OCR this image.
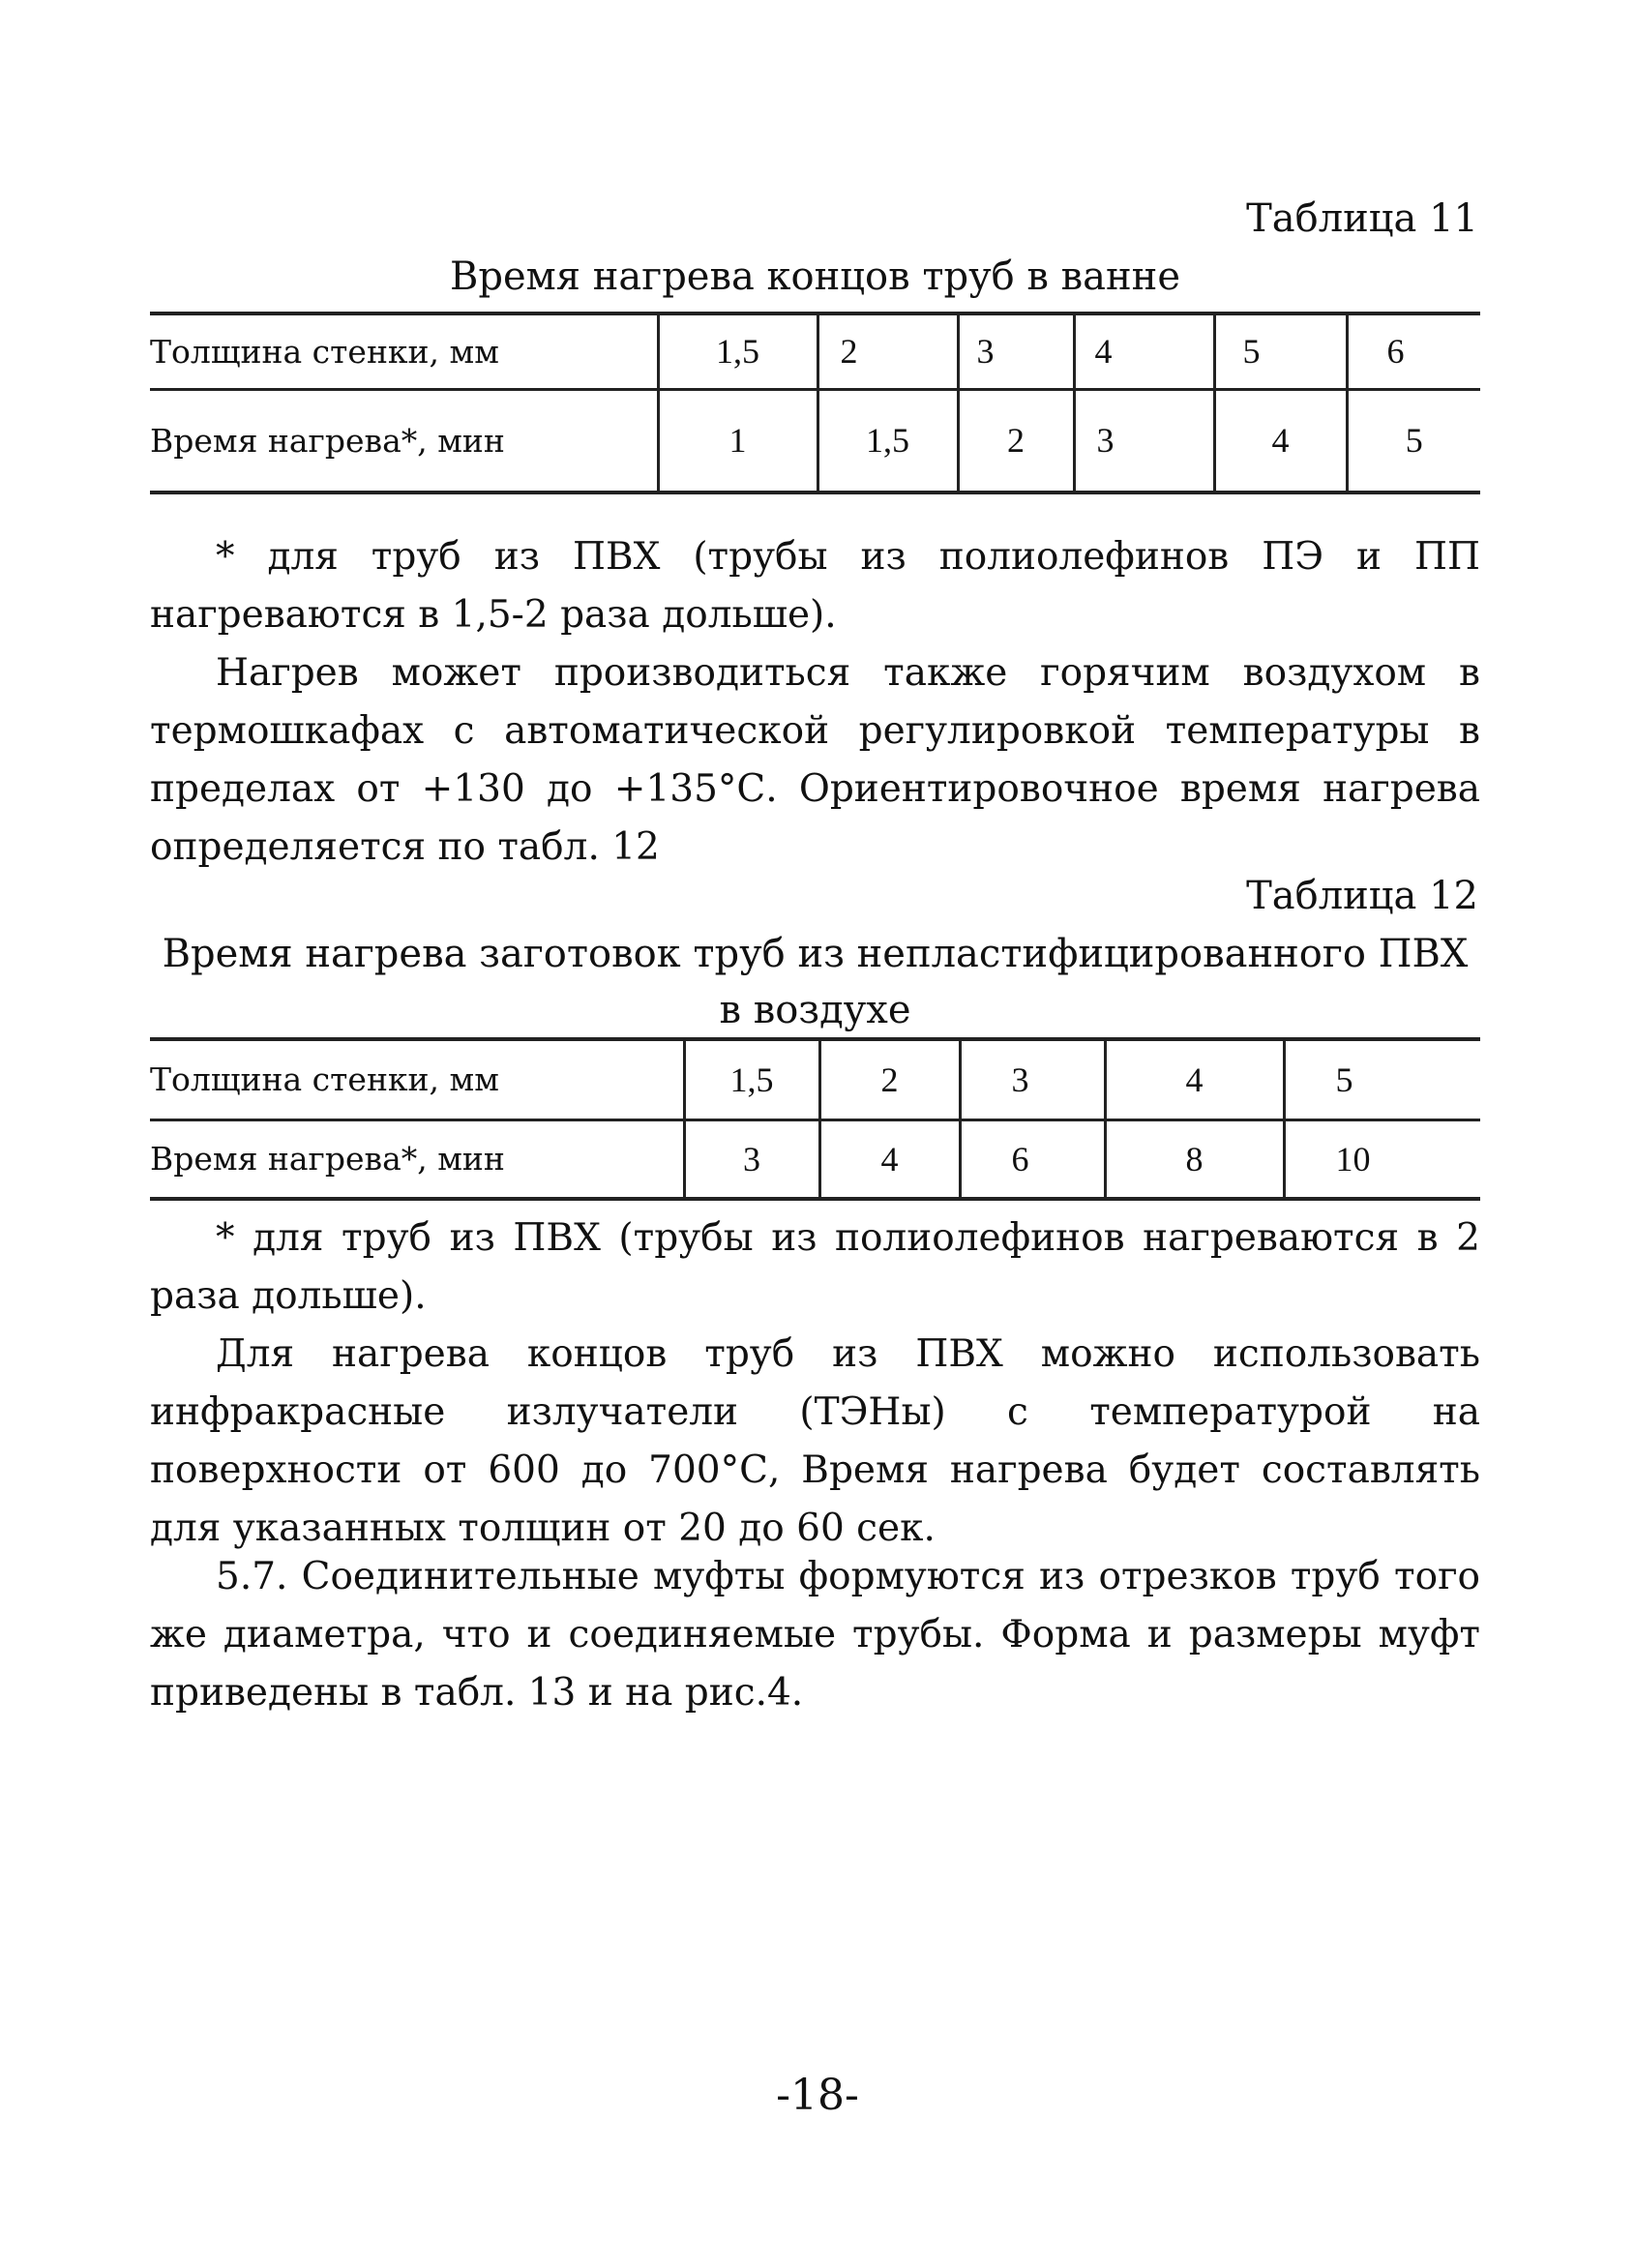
Таблица 11
Время нагрева концов труб в ванне
Толщина стенки, мм	1,5	2	3	4	5	6
Время нагрева*, мин	1	1,5	2	3	4	5

* для труб из ПВХ (трубы из полиолефинов ПЭ и ПП нагреваются в 1,5-2 раза дольше).

Нагрев может производиться также горячим воздухом в термошкафах с автоматической регулировкой температуры в пределах от +130 до +135°С. Ориентировочное время нагрева определяется по табл. 12

Таблица 12
Время нагрева заготовок труб из непластифицированного ПВХ
в воздухе
Толщина стенки, мм	1,5	2	3	4	5
Время нагрева*, мин	3	4	6	8	10

* для труб из ПВХ (трубы из полиолефинов нагреваются в 2 раза дольше).

Для нагрева концов труб из ПВХ можно использовать инфракрасные излучатели (ТЭНы) с температурой на поверхности от 600 до 700°С, Время нагрева будет составлять для указанных толщин от 20 до 60 сек.

5.7. Соединительные муфты формуются из отрезков труб того же диаметра, что и соединяемые трубы. Форма и размеры муфт приведены в табл. 13 и на рис.4.

-18-
